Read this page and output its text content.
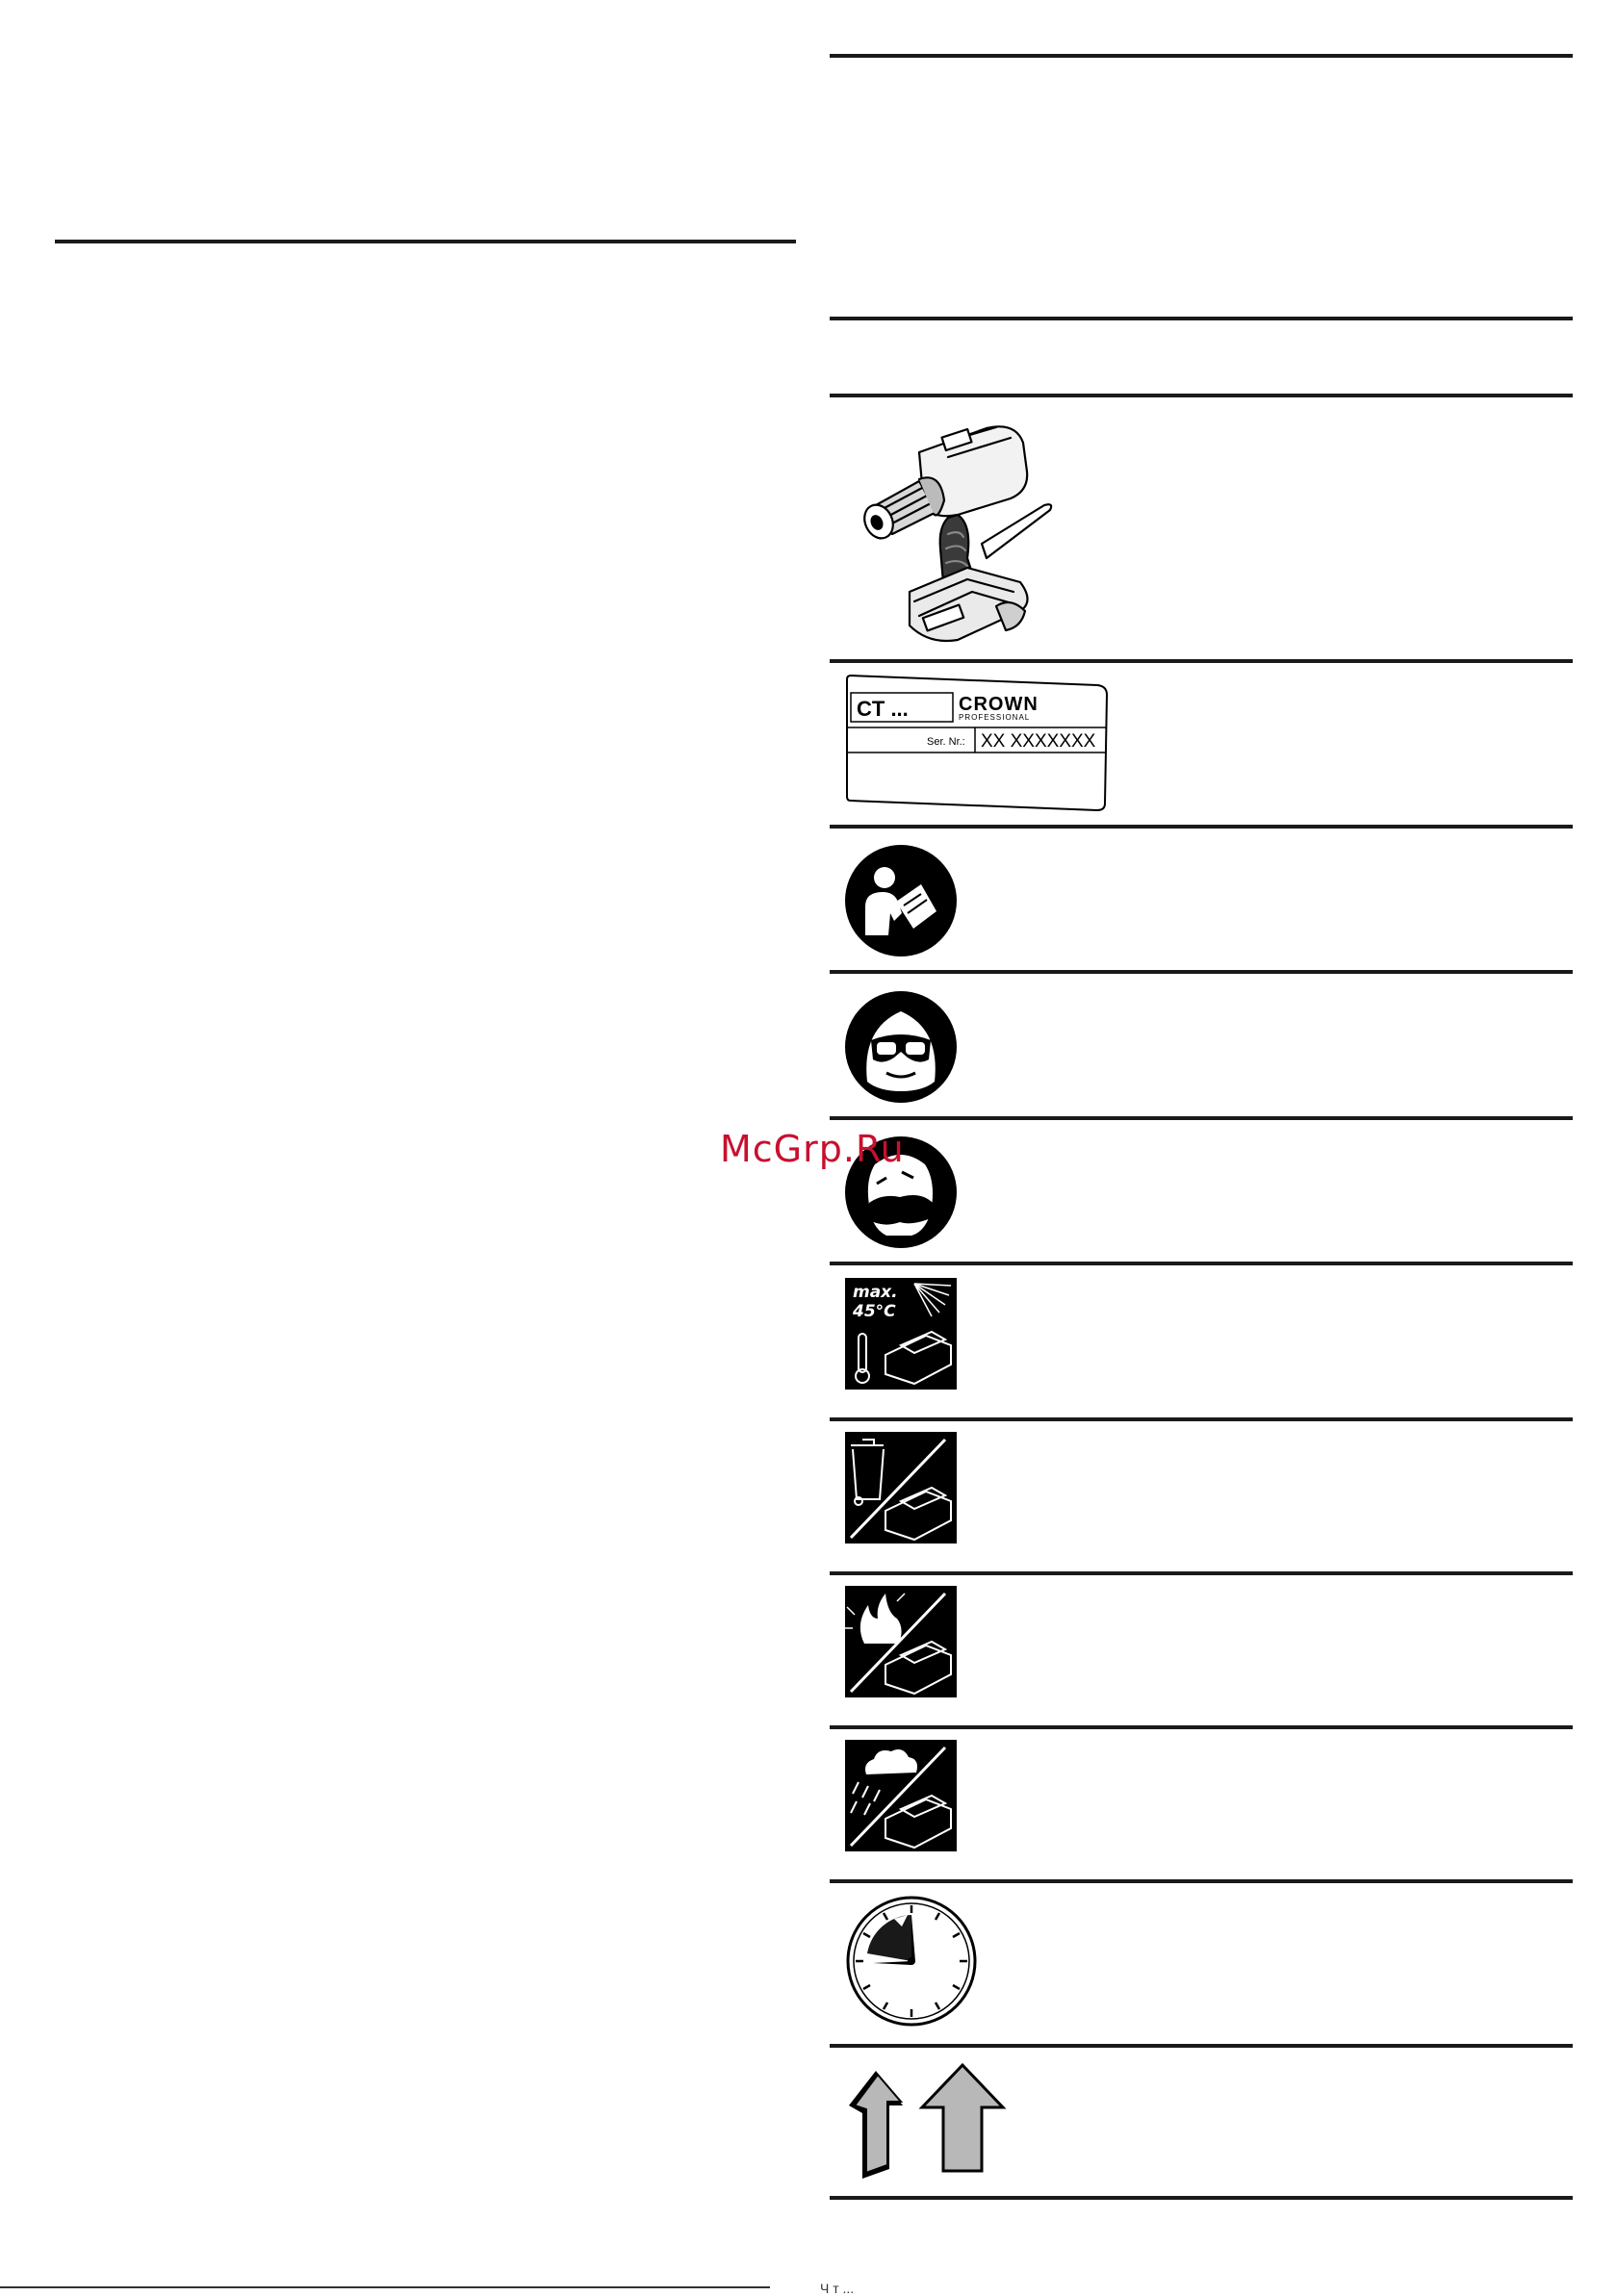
CT ...	CROWN
PROFESSIONAL
Ser. Nr.: XX XXXXXXX
max.
45°C
McGrp.Ru
Ч т ...
